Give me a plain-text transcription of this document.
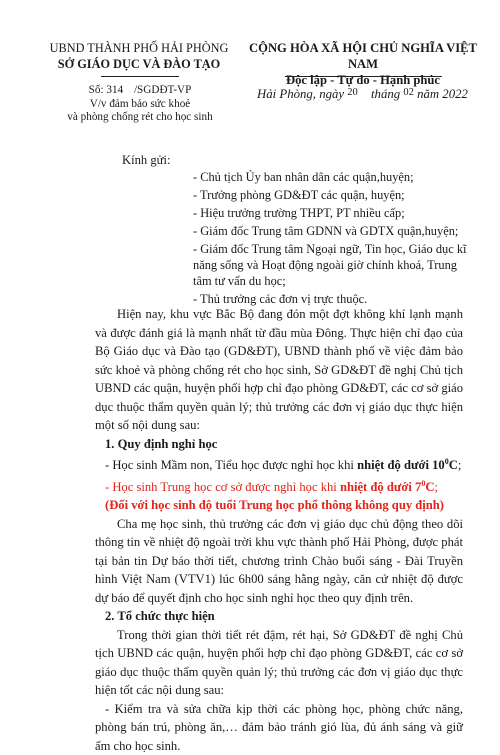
UBND THÀNH PHỐ HẢI PHÒNG
SỞ GIÁO DỤC VÀ ĐÀO TẠO
CỘNG HÒA XÃ HỘI CHỦ NGHĨA VIỆT NAM
Độc lập - Tự do - Hạnh phúc
Số: 314 /SGDĐT-VP
V/v đảm bảo sức khoẻ
và phòng chống rét cho học sinh
Hải Phòng, ngày $^{20}$ tháng $^{02}$ năm 2022
Kính gửi:
- Chủ tịch Ủy ban nhân dân các quận,huyện;
- Trưởng phòng GD&ĐT các quận, huyện;
- Hiệu trưởng trường THPT, PT nhiều cấp;
- Giám đốc Trung tâm GDNN và GDTX quận,huyện;
- Giám đốc Trung tâm Ngoại ngữ, Tin học, Giáo dục kĩ năng sống và Hoạt động ngoài giờ chính khoá, Trung tâm tư vấn du học;
- Thủ trưởng các đơn vị trực thuộc.

Hiện nay, khu vực Bắc Bộ đang đón một đợt không khí lạnh mạnh và được đánh giá là mạnh nhất từ đầu mùa Đông. Thực hiện chỉ đạo của Bộ Giáo dục và Đào tạo (GD&ĐT), UBND thành phố về việc đảm bảo sức khoẻ và phòng chống rét cho học sinh, Sở GD&ĐT đề nghị Chủ tịch UBND các quận, huyện phối hợp chỉ đạo phòng GD&ĐT, các cơ sở giáo dục thuộc thẩm quyền quản lý; thủ trưởng các đơn vị giáo dục thực hiện một số nội dung sau:

1. Quy định nghỉ học

- Học sinh Mầm non, Tiểu học được nghỉ học khi nhiệt độ dưới $10^0C$;

- Học sinh Trung học cơ sở được nghỉ học khi nhiệt độ dưới $7^0C$;

(Đối với học sinh độ tuổi Trung học phổ thông không quy định)

Cha mẹ học sinh, thủ trưởng các đơn vị giáo dục chủ động theo dõi thông tin về nhiệt độ ngoài trời khu vực thành phố Hải Phòng, được phát tại bản tin Dự báo thời tiết, chương trình Chào buổi sáng - Đài Truyền hình Việt Nam (VTV1) lúc 6h00 sáng hằng ngày, căn cứ nhiệt độ được dự báo để quyết định cho học sinh nghỉ học theo quy định trên.

2. Tổ chức thực hiện

Trong thời gian thời tiết rét đậm, rét hại, Sở GD&ĐT đề nghị Chủ tịch UBND các quận, huyện phối hợp chỉ đạo phòng GD&ĐT, các cơ sở giáo dục thuộc thẩm quyền quản lý; thủ trưởng các đơn vị giáo dục thực hiện tốt các nội dung sau:

- Kiểm tra và sửa chữa kịp thời các phòng học, phòng chức năng, phòng bán trú, phòng ăn,… đảm bảo tránh gió lùa, đủ ánh sáng và giữ ấm cho học sinh.
